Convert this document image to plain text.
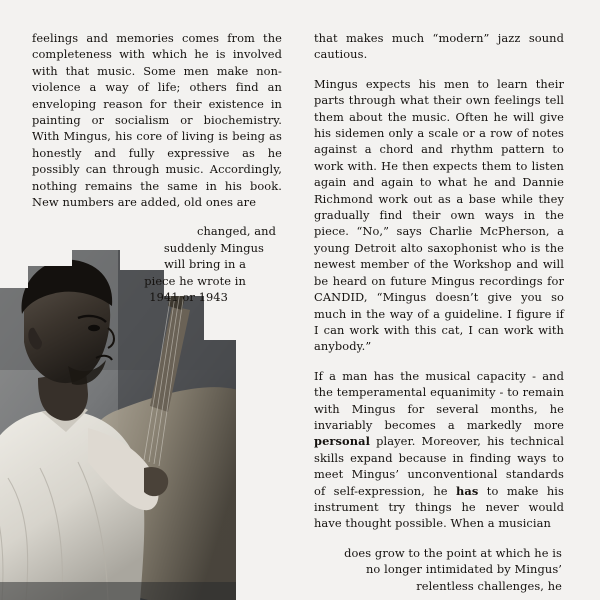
feelings and memories comes from the completeness with which he is involved with that music. Some men make non-violence a way of life; others find an enveloping reason for their existence in painting or socialism or biochemistry. With Mingus, his core of living is being as honestly and fully expressive as he possibly can through music. Accordingly, nothing remains the same in his book. New numbers are added, old ones are

changed, and
suddenly Mingus
will bring in a
piece he wrote in
1941 or 1943

that makes much “modern” jazz sound cautious.

Mingus expects his men to learn their parts through what their own feelings tell them about the music. Often he will give his sidemen only a scale or a row of notes against a chord and rhythm pattern to work with. He then expects them to listen again and again to what he and Dannie Richmond work out as a base while they gradually find their own ways in the piece. “No,” says Charlie McPherson, a young Detroit alto saxophonist who is the newest member of the Workshop and will be heard on future Mingus recordings for CANDID, “Mingus doesn’t give you so much in the way of a guideline. I figure if I can work with this cat, I can work with anybody.”

If a man has the musical capacity - and the temperamental equanimity - to remain with Mingus for several months, he invariably becomes a markedly more personal player. Moreover, his technical skills expand because in finding ways to meet Mingus’ unconventional standards of self-expression, he has to make his instrument try things he never would have thought possible. When a musician

does grow to the point at which he is
no longer intimidated by Mingus’
relentless challenges, he
